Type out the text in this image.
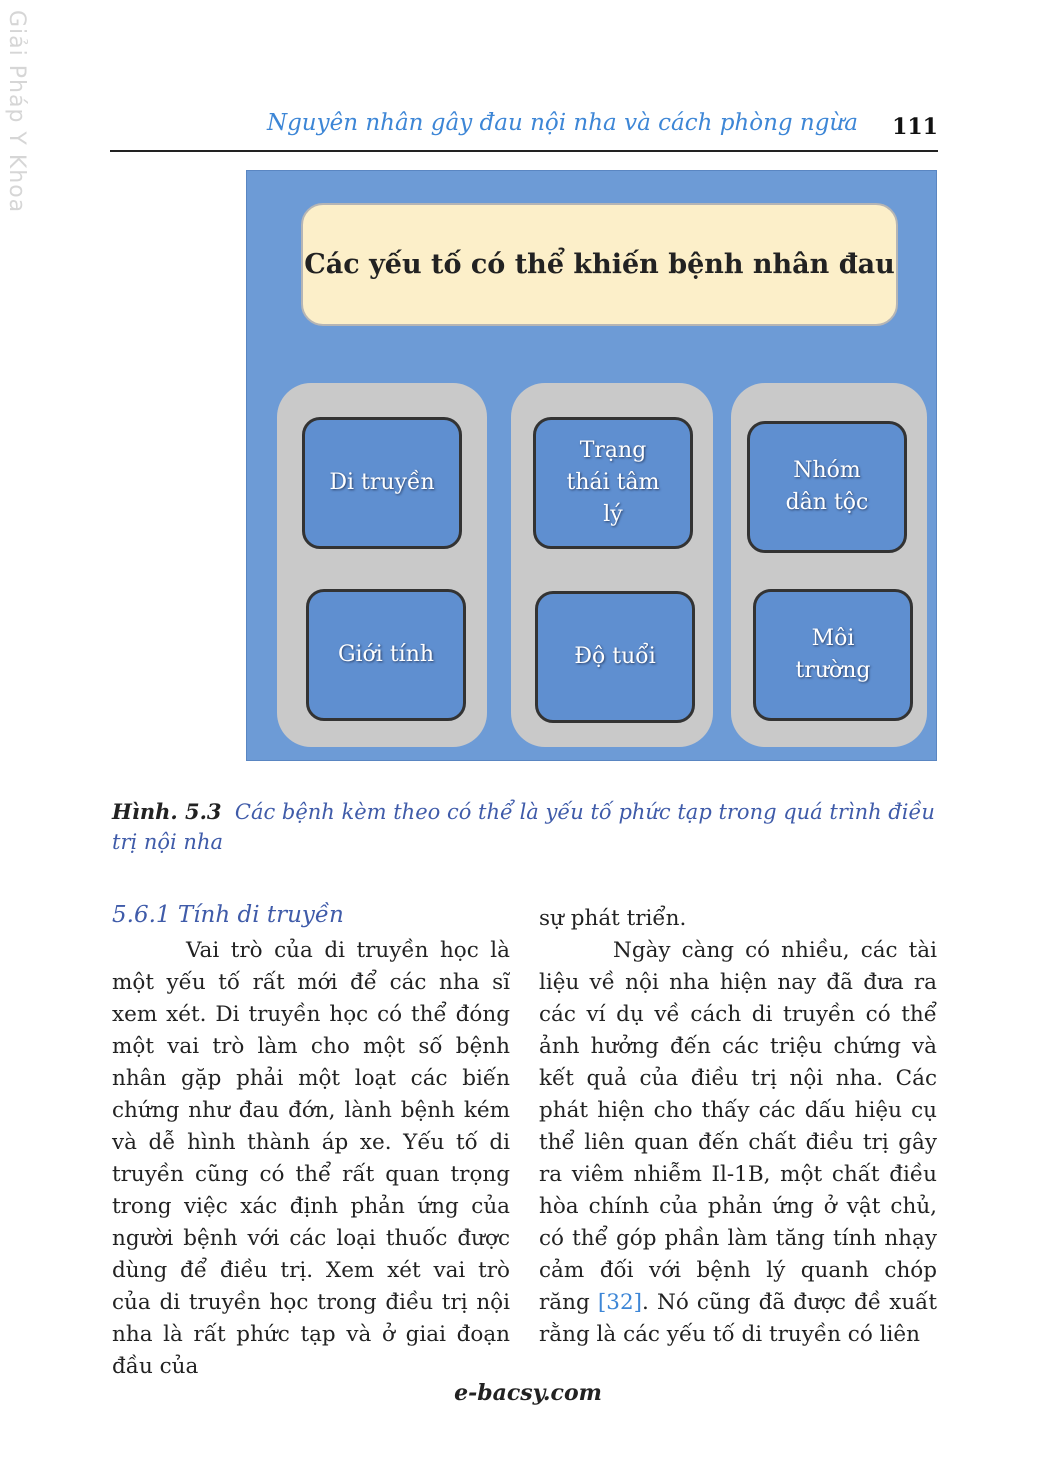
Giải Pháp Y Khoa	Nguyên nhân gây đau nội nha và cách phòng ngừa 111
Các yếu tố có thể khiến bệnh nhân đau
Di truyền
Trạng thái tâm lý
Nhóm dân tộc
Giới tính	Độ tuổi
Môi trường
Hình. 5.3 Các bệnh kèm theo có thể là yếu tố phức tạp trong quá trình điều trị nội nha
5.6.1 Tính di truyền

Vai trò của di truyền học là một yếu tố rất mới để các nha sĩ xem xét. Di truyền học có thể đóng một vai trò làm cho một số bệnh nhân gặp phải một loạt các biến chứng như đau đớn, lành bệnh kém và dễ hình thành áp xe. Yếu tố di truyền cũng có thể rất quan trọng trong việc xác định phản ứng của người bệnh với các loại thuốc được dùng để điều trị. Xem xét vai trò của di truyền học trong điều trị nội nha là rất phức tạp và ở giai đoạn đầu của

sự phát triển.

Ngày càng có nhiều, các tài liệu về nội nha hiện nay đã đưa ra các ví dụ về cách di truyền có thể ảnh hưởng đến các triệu chứng và kết quả của điều trị nội nha. Các phát hiện cho thấy các dấu hiệu cụ thể liên quan đến chất điều trị gây ra viêm nhiễm Il-1B, một chất điều hòa chính của phản ứng ở vật chủ, có thể góp phần làm tăng tính nhạy cảm đối với bệnh lý quanh chóp răng [32]. Nó cũng đã được đề xuất rằng là các yếu tố di truyền có liên

e-bacsy.com
